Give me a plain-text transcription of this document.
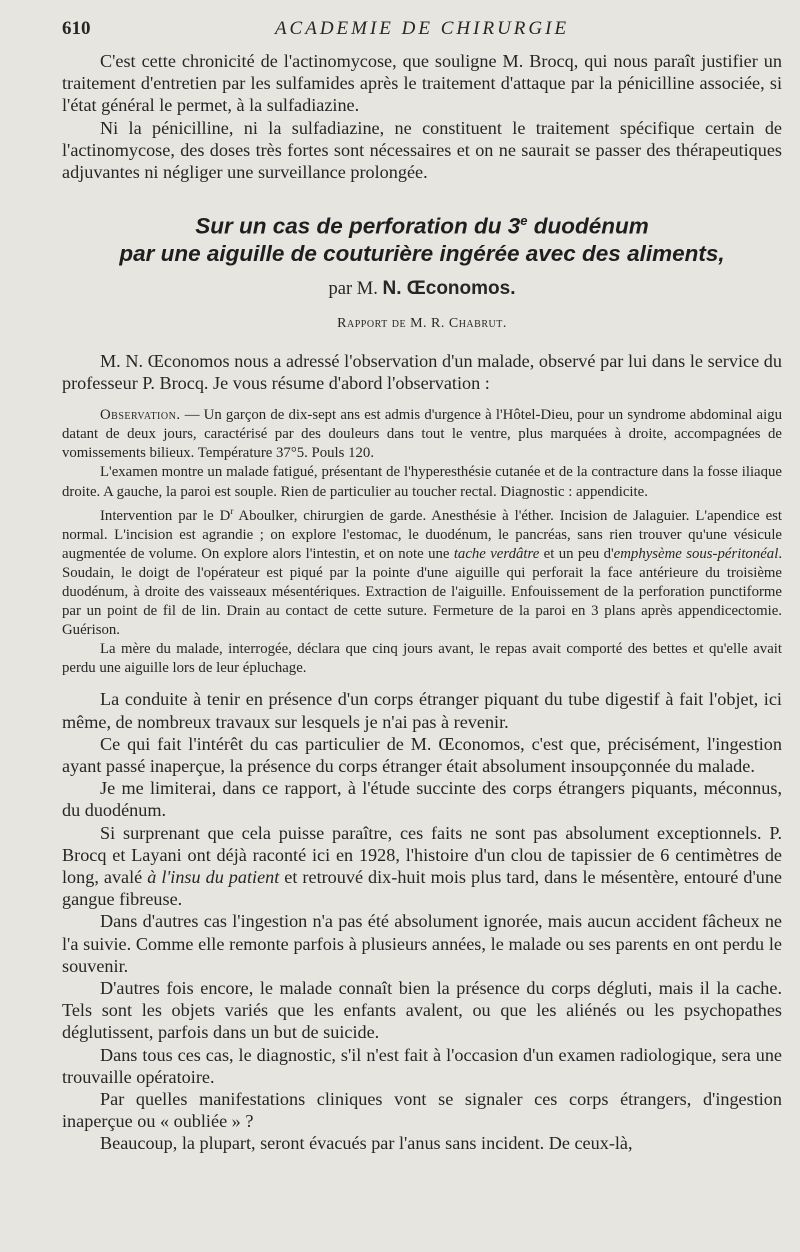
610	ACADEMIE DE CHIRURGIE

C'est cette chronicité de l'actinomycose, que souligne M. Brocq, qui nous paraît justifier un traitement d'entretien par les sulfamides après le traitement d'attaque par la pénicilline associée, si l'état général le permet, à la sulfadiazine.

Ni la pénicilline, ni la sulfadiazine, ne constituent le traitement spécifique certain de l'actinomycose, des doses très fortes sont nécessaires et on ne saurait se passer des thérapeutiques adjuvantes ni négliger une surveillance prolongée.

Sur un cas de perforation du 3e duodénum
par une aiguille de couturière ingérée avec des aliments,
par M. N. Œconomos.
Rapport de M. R. Chabrut.

M. N. Œconomos nous a adressé l'observation d'un malade, observé par lui dans le service du professeur P. Brocq. Je vous résume d'abord l'observation :

Observation. — Un garçon de dix-sept ans est admis d'urgence à l'Hôtel-Dieu, pour un syndrome abdominal aigu datant de deux jours, caractérisé par des douleurs dans tout le ventre, plus marquées à droite, accompagnées de vomissements bilieux. Température 37°5. Pouls 120.

L'examen montre un malade fatigué, présentant de l'hyperesthésie cutanée et de la contracture dans la fosse iliaque droite. A gauche, la paroi est souple. Rien de particulier au toucher rectal. Diagnostic : appendicite.

Intervention par le $D^r$ Aboulker, chirurgien de garde. Anesthésie à l'éther. Incision de Jalaguier. L'apendice est normal. L'incision est agrandie ; on explore l'estomac, le duodénum, le pancréas, sans rien trouver qu'une vésicule augmentée de volume. On explore alors l'intestin, et on note une tache verdâtre et un peu d'emphysème sous-péritonéal. Soudain, le doigt de l'opérateur est piqué par la pointe d'une aiguille qui perforait la face antérieure du troisième duodénum, à droite des vaisseaux mésentériques. Extraction de l'aiguille. Enfouissement de la perforation punctiforme par un point de fil de lin. Drain au contact de cette suture. Fermeture de la paroi en 3 plans après appendicectomie. Guérison.

La mère du malade, interrogée, déclara que cinq jours avant, le repas avait comporté des bettes et qu'elle avait perdu une aiguille lors de leur épluchage.

La conduite à tenir en présence d'un corps étranger piquant du tube digestif à fait l'objet, ici même, de nombreux travaux sur lesquels je n'ai pas à revenir.

Ce qui fait l'intérêt du cas particulier de M. Œconomos, c'est que, précisément, l'ingestion ayant passé inaperçue, la présence du corps étranger était absolument insoupçonnée du malade.

Je me limiterai, dans ce rapport, à l'étude succinte des corps étrangers piquants, méconnus, du duodénum.

Si surprenant que cela puisse paraître, ces faits ne sont pas absolument exceptionnels. P. Brocq et Layani ont déjà raconté ici en 1928, l'histoire d'un clou de tapissier de 6 centimètres de long, avalé à l'insu du patient et retrouvé dix-huit mois plus tard, dans le mésentère, entouré d'une gangue fibreuse.

Dans d'autres cas l'ingestion n'a pas été absolument ignorée, mais aucun accident fâcheux ne l'a suivie. Comme elle remonte parfois à plusieurs années, le malade ou ses parents en ont perdu le souvenir.

D'autres fois encore, le malade connaît bien la présence du corps dégluti, mais il la cache. Tels sont les objets variés que les enfants avalent, ou que les aliénés ou les psychopathes déglutissent, parfois dans un but de suicide.

Dans tous ces cas, le diagnostic, s'il n'est fait à l'occasion d'un examen radiologique, sera une trouvaille opératoire.

Par quelles manifestations cliniques vont se signaler ces corps étrangers, d'ingestion inaperçue ou « oubliée » ?

Beaucoup, la plupart, seront évacués par l'anus sans incident. De ceux-là,
